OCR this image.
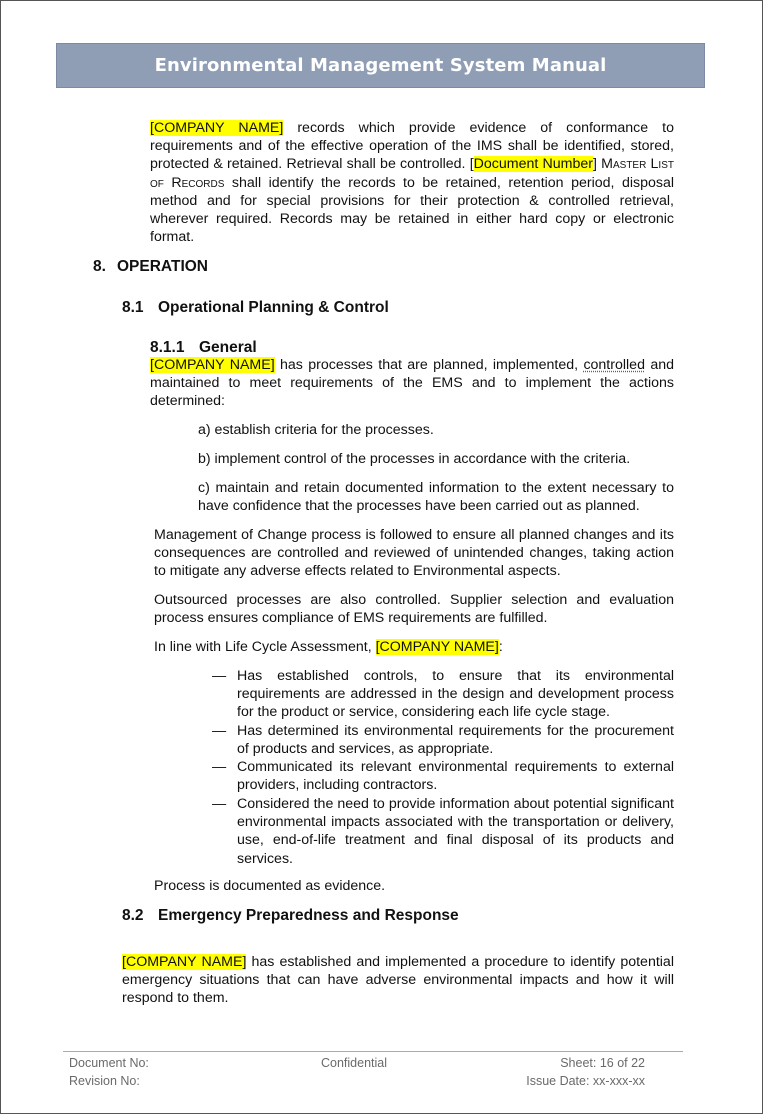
Environmental Management System Manual
[COMPANY NAME] records which provide evidence of conformance to requirements and of the effective operation of the IMS shall be identified, stored, protected & retained. Retrieval shall be controlled. [Document Number] Master List of Records shall identify the records to be retained, retention period, disposal method and for special provisions for their protection & controlled retrieval, wherever required. Records may be retained in either hard copy or electronic format.
8. OPERATION
8.1 Operational Planning & Control
8.1.1 General
[COMPANY NAME] has processes that are planned, implemented, controlled and maintained to meet requirements of the EMS and to implement the actions determined:
a) establish criteria for the processes.
b) implement control of the processes in accordance with the criteria.
c) maintain and retain documented information to the extent necessary to have confidence that the processes have been carried out as planned.
Management of Change process is followed to ensure all planned changes and its consequences are controlled and reviewed of unintended changes, taking action to mitigate any adverse effects related to Environmental aspects.
Outsourced processes are also controlled. Supplier selection and evaluation process ensures compliance of EMS requirements are fulfilled.
In line with Life Cycle Assessment, [COMPANY NAME]:
— Has established controls, to ensure that its environmental requirements are addressed in the design and development process for the product or service, considering each life cycle stage.
— Has determined its environmental requirements for the procurement of products and services, as appropriate.
— Communicated its relevant environmental requirements to external providers, including contractors.
— Considered the need to provide information about potential significant environmental impacts associated with the transportation or delivery, use, end-of-life treatment and final disposal of its products and services.
Process is documented as evidence.
8.2 Emergency Preparedness and Response
[COMPANY NAME] has established and implemented a procedure to identify potential emergency situations that can have adverse environmental impacts and how it will respond to them.
Document No:
Revision No:
Confidential	Sheet: 16 of 22
Issue Date: xx-xxx-xx
